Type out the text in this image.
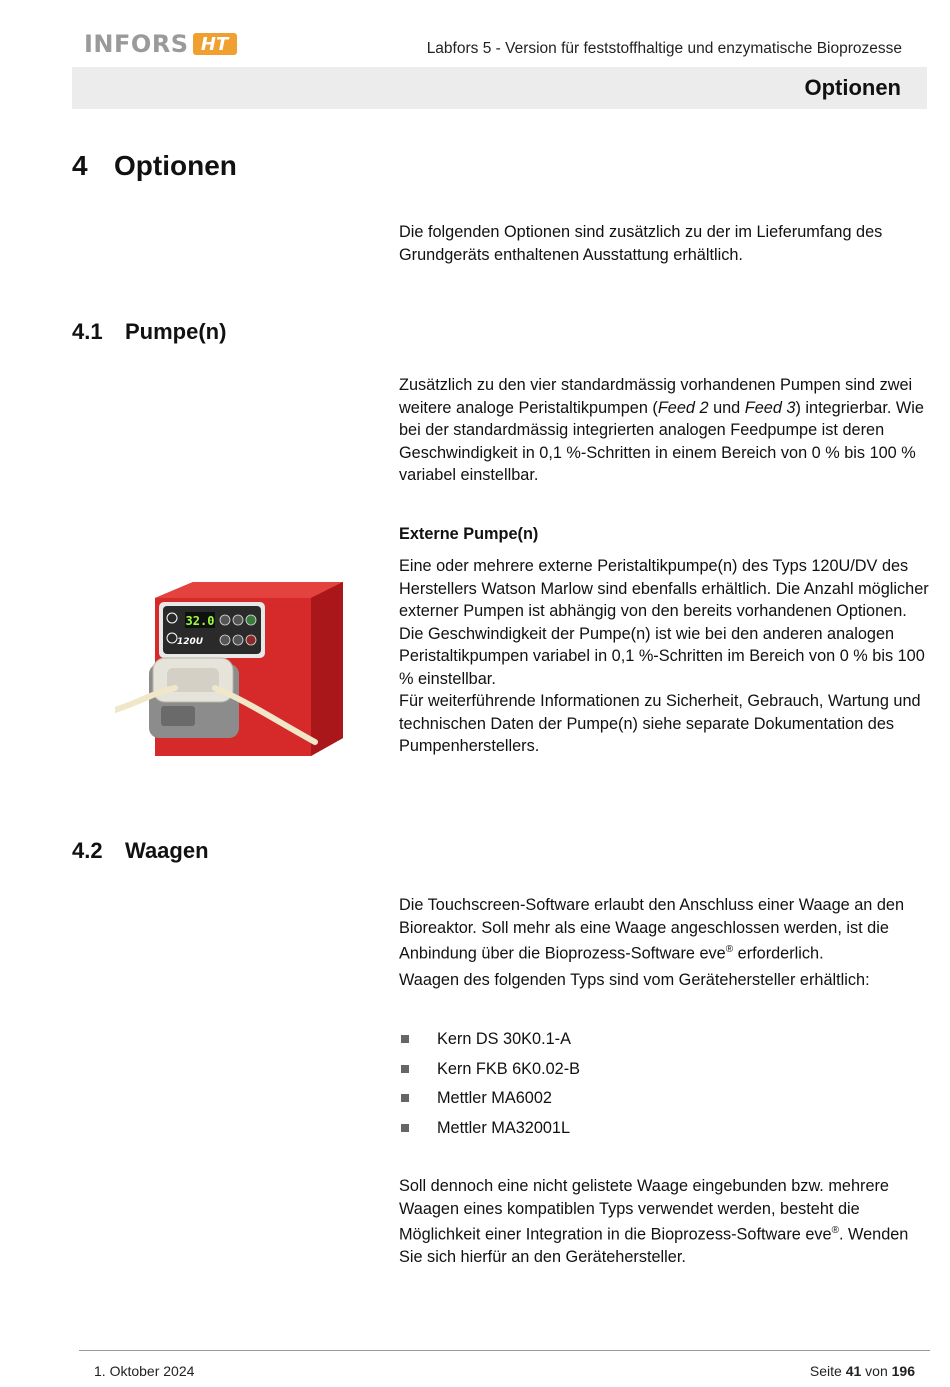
INFORS HT	Labfors 5 - Version für feststoffhaltige und enzymatische Bioprozesse
Optionen
4 Optionen

Die folgenden Optionen sind zusätzlich zu der im Lieferumfang des Grundgeräts enthaltenen Ausstattung erhältlich.

4.1 Pumpe(n)

Zusätzlich zu den vier standardmässig vorhandenen Pumpen sind zwei weitere analoge Peristaltikpumpen (Feed 2 und Feed 3) integrierbar. Wie bei der standardmässig integrierten analogen Feedpumpe ist deren Geschwindigkeit in 0,1 %-Schritten in einem Bereich von 0 % bis 100 % variabel einstellbar.

Externe Pumpe(n)

Eine oder mehrere externe Peristaltikpumpe(n) des Typs 120U/DV des Herstellers Watson Marlow sind ebenfalls erhältlich. Die Anzahl möglicher externer Pumpen ist abhängig von den bereits vorhandenen Optionen.

Die Geschwindigkeit der Pumpe(n) ist wie bei den anderen analogen Peristaltikpumpen variabel in 0,1 %-Schritten im Bereich von 0 % bis 100 % einstellbar.

Für weiterführende Informationen zu Sicherheit, Gebrauch, Wartung und technischen Daten der Pumpe(n) siehe separate Dokumentation des Pumpenherstellers.

32.0
120U
4.2 Waagen

Die Touchscreen-Software erlaubt den Anschluss einer Waage an den Bioreaktor. Soll mehr als eine Waage angeschlossen werden, ist die Anbindung über die Bioprozess-Software eve® erforderlich.

Waagen des folgenden Typs sind vom Gerätehersteller erhältlich:

Kern DS 30K0.1-A
Kern FKB 6K0.02-B
Mettler MA6002
Mettler MA32001L

Soll dennoch eine nicht gelistete Waage eingebunden bzw. mehrere Waagen eines kompatiblen Typs verwendet werden, besteht die Möglichkeit einer Integration in die Bioprozess-Software eve®. Wenden Sie sich hierfür an den Gerätehersteller.

1. Oktober 2024	Seite 41 von 196
